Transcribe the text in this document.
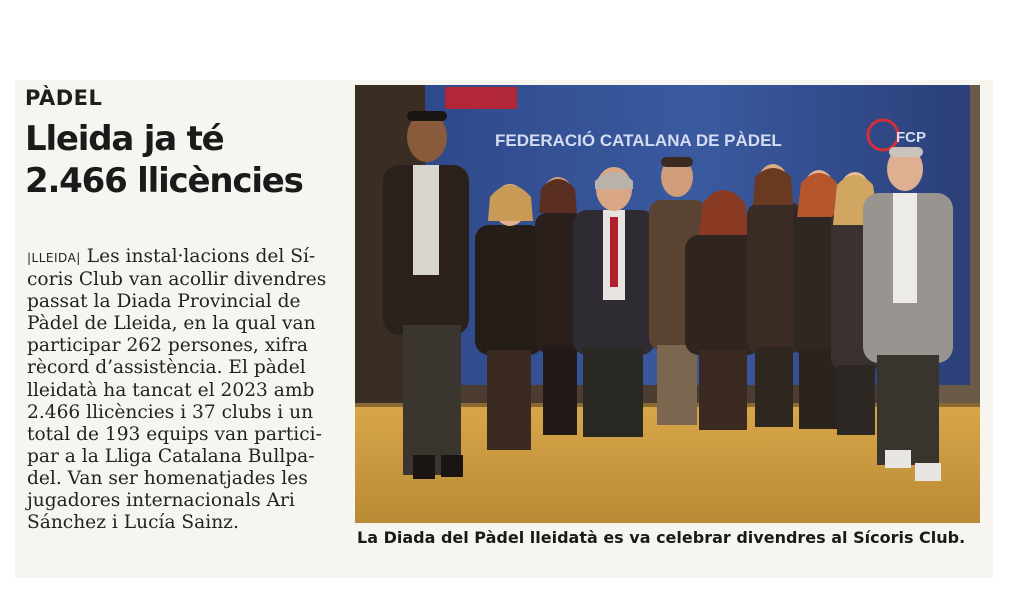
PÀDEL
Lleida ja té
2.466 llicències
|LLEIDA| Les instal·lacions del Sí-
coris Club van acollir divendres
passat la Diada Provincial de
Pàdel de Lleida, en la qual van
participar 262 persones, xifra
rècord d’assistència. El pàdel
lleidatà ha tancat el 2023 amb
2.466 llicències i 37 clubs i un
total de 193 equips van partici-
par a la Lliga Catalana Bullpa-
del. Van ser homenatjades les
jugadores internacionals Ari
Sánchez i Lucía Sainz.
FEDERACIÓ CATALANA DE PÀDEL	FCP
La Diada del Pàdel lleidatà es va celebrar divendres al Sícoris Club.
